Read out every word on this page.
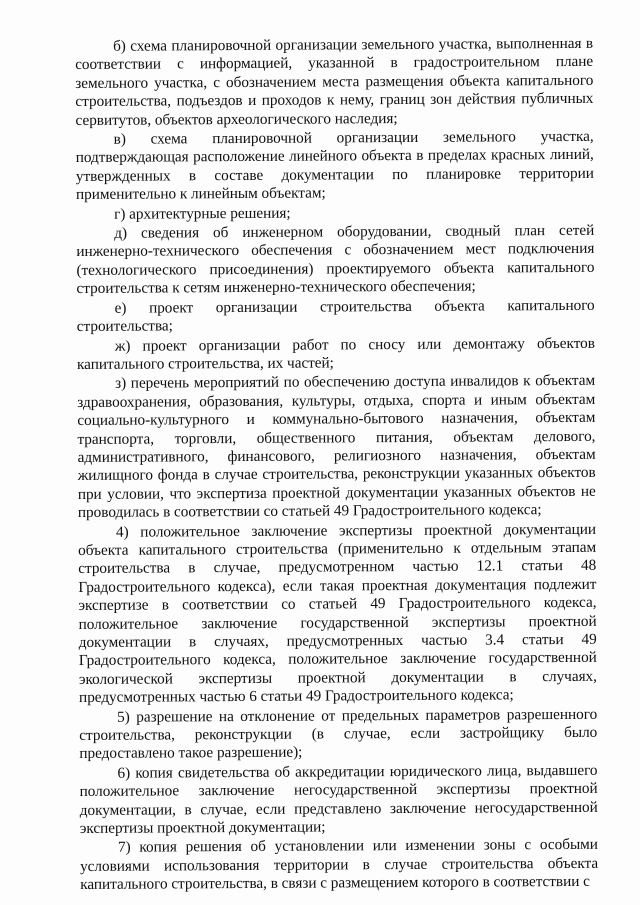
б) схема планировочной организации земельного участка, выполненная в соответствии с информацией, указанной в градостроительном плане земельного участка, с обозначением места размещения объекта капитального строительства, подъездов и проходов к нему, границ зон действия публичных сервитутов, объектов археологического наследия;

в) схема планировочной организации земельного участка, подтверждающая расположение линейного объекта в пределах красных линий, утвержденных в составе документации по планировке территории применительно к линейным объектам;

г) архитектурные решения;

д) сведения об инженерном оборудовании, сводный план сетей инженерно-технического обеспечения с обозначением мест подключения (технологического присоединения) проектируемого объекта капитального строительства к сетям инженерно-технического обеспечения;

е) проект организации строительства объекта капитального строительства;

ж) проект организации работ по сносу или демонтажу объектов капитального строительства, их частей;

з) перечень мероприятий по обеспечению доступа инвалидов к объектам здравоохранения, образования, культуры, отдыха, спорта и иным объектам социально-культурного и коммунально-бытового назначения, объектам транспорта, торговли, общественного питания, объектам делового, административного, финансового, религиозного назначения, объектам жилищного фонда в случае строительства, реконструкции указанных объектов при условии, что экспертиза проектной документации указанных объектов не проводилась в соответствии со статьей 49 Градостроительного кодекса;

4) положительное заключение экспертизы проектной документации объекта капитального строительства (применительно к отдельным этапам строительства в случае, предусмотренном частью 12.1 статьи 48 Градостроительного кодекса), если такая проектная документация подлежит экспертизе в соответствии со статьей 49 Градостроительного кодекса, положительное заключение государственной экспертизы проектной документации в случаях, предусмотренных частью 3.4 статьи 49 Градостроительного кодекса, положительное заключение государственной экологической экспертизы проектной документации в случаях, предусмотренных частью 6 статьи 49 Градостроительного кодекса;

5) разрешение на отклонение от предельных параметров разрешенного строительства, реконструкции (в случае, если застройщику было предоставлено такое разрешение);

6) копия свидетельства об аккредитации юридического лица, выдавшего положительное заключение негосударственной экспертизы проектной документации, в случае, если представлено заключение негосударственной экспертизы проектной документации;

7) копия решения об установлении или изменении зоны с особыми условиями использования территории в случае строительства объекта капитального строительства, в связи с размещением которого в соответствии с
